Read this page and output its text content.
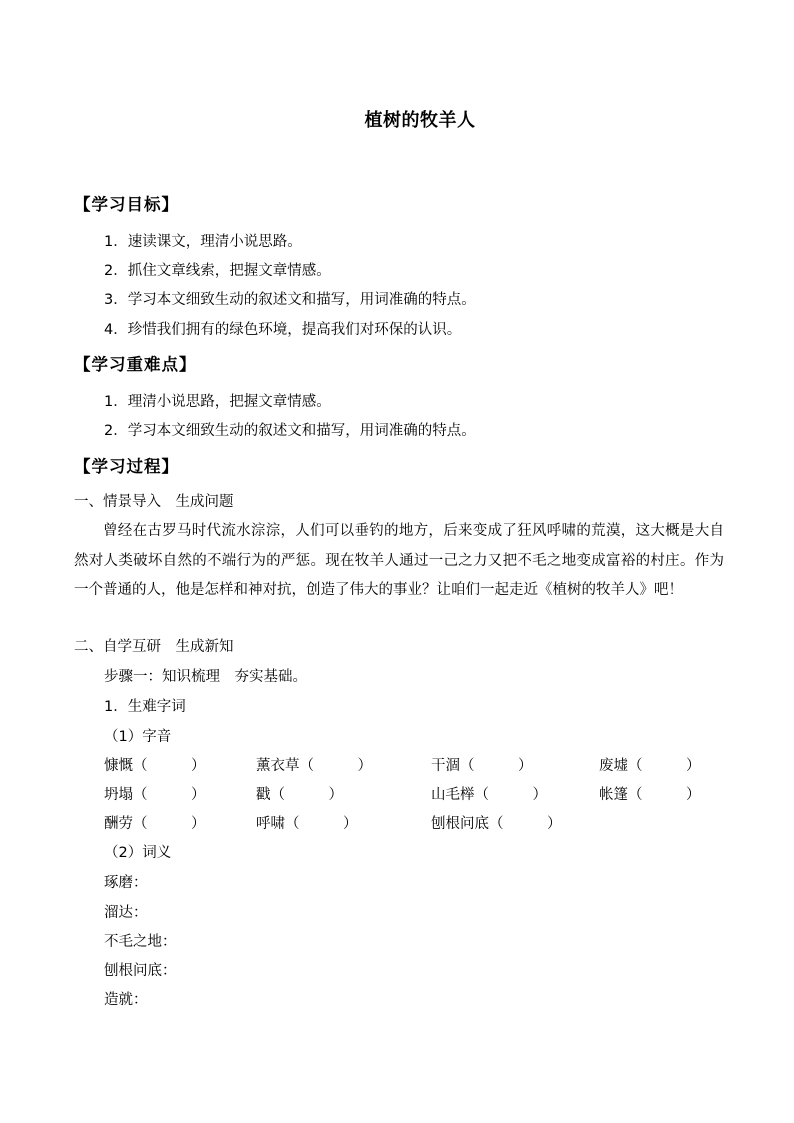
植树的牧羊人
【学习目标】
1．速读课文，理清小说思路。
2．抓住文章线索，把握文章情感。
3．学习本文细致生动的叙述文和描写，用词准确的特点。
4．珍惜我们拥有的绿色环境，提高我们对环保的认识。
【学习重难点】
1．理清小说思路，把握文章情感。
2．学习本文细致生动的叙述文和描写，用词准确的特点。
【学习过程】
一、情景导入　生成问题
曾经在古罗马时代流水淙淙，人们可以垂钓的地方，后来变成了狂风呼啸的荒漠，这大概是大自然对人类破坏自然的不端行为的严惩。现在牧羊人通过一己之力又把不毛之地变成富裕的村庄。作为一个普通的人，他是怎样和神对抗，创造了伟大的事业？让咱们一起走近《植树的牧羊人》吧！
二、自学互研　生成新知
步骤一：知识梳理　夯实基础。
1．生难字词
（1）字音
慷慨（　　　）	薰衣草（　　　）	干涸（　　　）	废墟（　　　）
坍塌（　　　）	戳（　　　）	山毛榉（　　　）	帐篷（　　　）
酬劳（　　　）	呼啸（　　　）	刨根问底（　　　）
（2）词义
琢磨：
溜达：
不毛之地：
刨根问底：
造就：
